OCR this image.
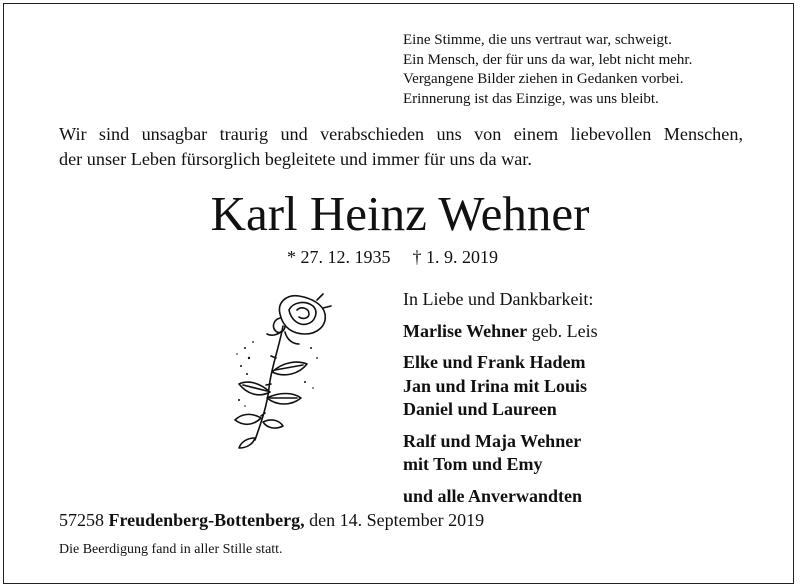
Eine Stimme, die uns vertraut war, schweigt.
Ein Mensch, der für uns da war, lebt nicht mehr.
Vergangene Bilder ziehen in Gedanken vorbei.
Erinnerung ist das Einzige, was uns bleibt.
Wir sind unsagbar traurig und verabschieden uns von einem liebevollen Menschen,
der unser Leben fürsorglich begleitete und immer für uns da war.
Karl Heinz Wehner
* 27. 12. 1935 † 1. 9. 2019
In Liebe und Dankbarkeit:
Marlise Wehner geb. Leis
Elke und Frank Hadem
Jan und Irina mit Louis
Daniel und Laureen
Ralf und Maja Wehner
mit Tom und Emy
und alle Anverwandten
57258 Freudenberg-Bottenberg, den 14. September 2019
Die Beerdigung fand in aller Stille statt.
